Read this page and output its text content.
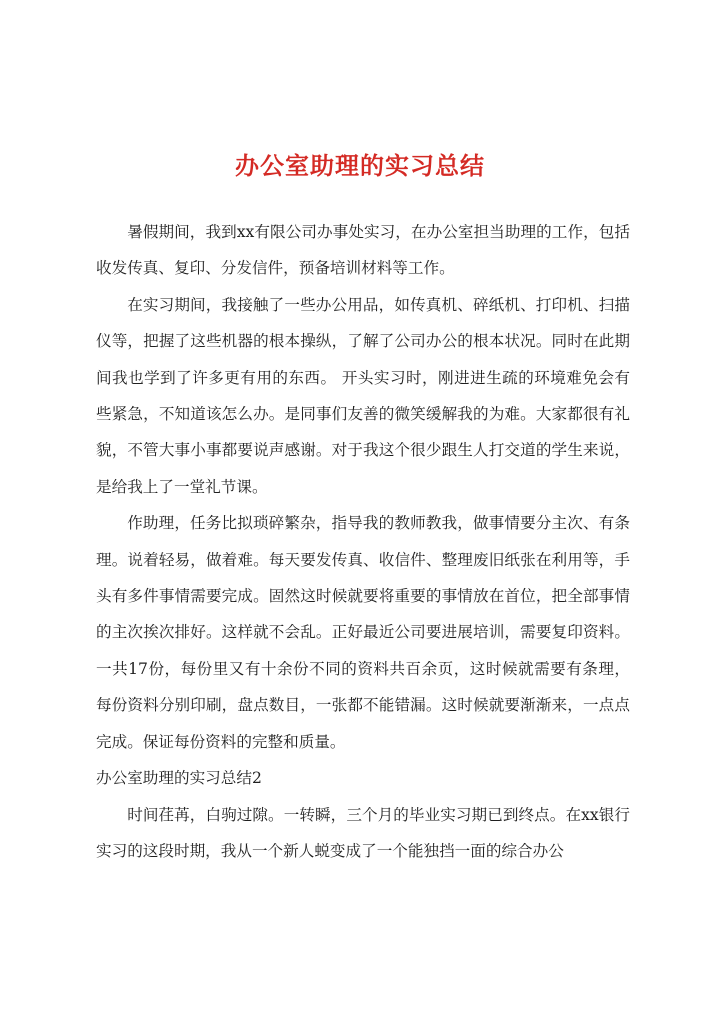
办公室助理的实习总结

暑假期间，我到xx有限公司办事处实习，在办公室担当助理的工作，包括收发传真、复印、分发信件，预备培训材料等工作。

在实习期间，我接触了一些办公用品，如传真机、碎纸机、打印机、扫描仪等，把握了这些机器的根本操纵，了解了公司办公的根本状况。同时在此期间我也学到了许多更有用的东西。 开头实习时，刚进进生疏的环境难免会有些紧急，不知道该怎么办。是同事们友善的微笑缓解我的为难。大家都很有礼貌，不管大事小事都要说声感谢。对于我这个很少跟生人打交道的学生来说，是给我上了一堂礼节课。

作助理，任务比拟琐碎繁杂，指导我的教师教我，做事情要分主次、有条理。说着轻易，做着难。每天要发传真、收信件、整理废旧纸张在利用等，手头有多件事情需要完成。固然这时候就要将重要的事情放在首位，把全部事情的主次挨次排好。这样就不会乱。正好最近公司要进展培训，需要复印资料。一共17份，每份里又有十余份不同的资料共百余页，这时候就需要有条理，每份资料分别印刷，盘点数目，一张都不能错漏。这时候就要渐渐来，一点点完成。保证每份资料的完整和质量。

办公室助理的实习总结2

时间荏苒，白驹过隙。一转瞬，三个月的毕业实习期已到终点。在xx银行实习的这段时期，我从一个新人蜕变成了一个能独挡一面的综合办公
